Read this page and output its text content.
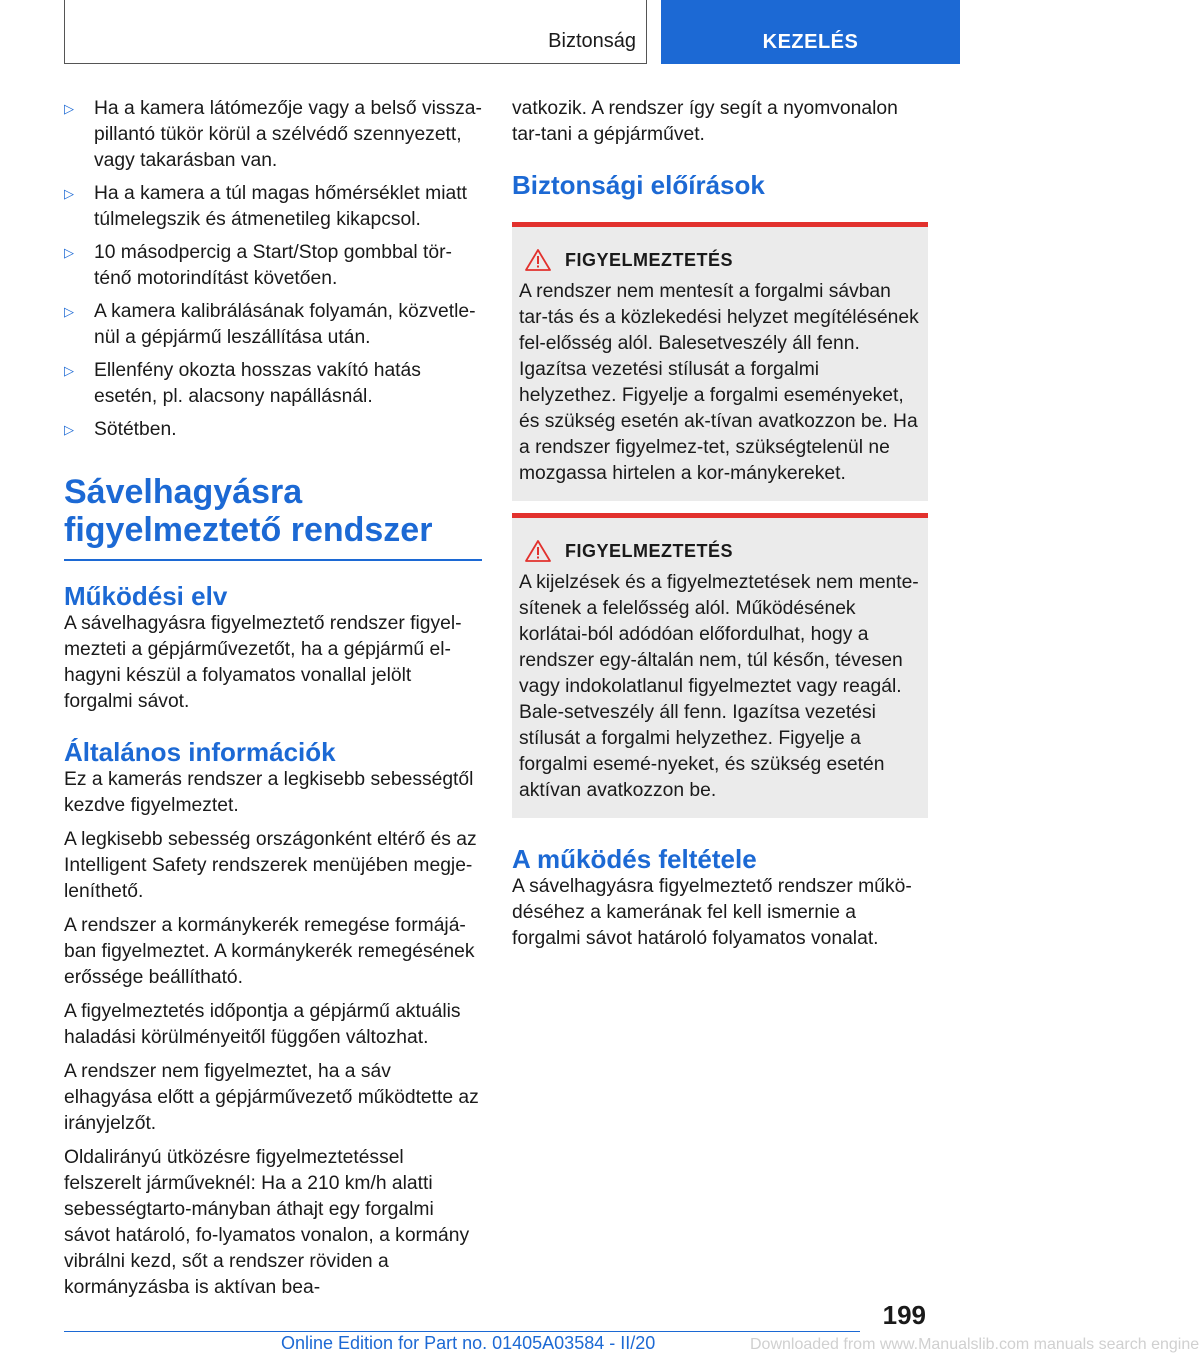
Biztonság	KEZELÉS
▷ Ha a kamera látómezője vagy a belső vissza-pillantó tükör körül a szélvédő szennyezett, vagy takarásban van.
▷ Ha a kamera a túl magas hőmérséklet miatt túlmelegszik és átmenetileg kikapcsol.
▷ 10 másodpercig a Start/Stop gombbal tör-ténő motorindítást követően.
▷ A kamera kalibrálásának folyamán, közvetle-nül a gépjármű leszállítása után.
▷ Ellenfény okozta hosszas vakító hatás esetén, pl. alacsony napállásnál.
▷ Sötétben.
Sávelhagyásra figyelmeztető rendszer
Működési elv

A sávelhagyásra figyelmeztető rendszer figyel-mezteti a gépjárművezetőt, ha a gépjármű el-hagyni készül a folyamatos vonallal jelölt forgalmi sávot.

Általános információk

Ez a kamerás rendszer a legkisebb sebességtől kezdve figyelmeztet.

A legkisebb sebesség országonként eltérő és az Intelligent Safety rendszerek menüjében megje-leníthető.

A rendszer a kormánykerék remegése formájá-ban figyelmeztet. A kormánykerék remegésének erőssége beállítható.

A figyelmeztetés időpontja a gépjármű aktuális haladási körülményeitől függően változhat.

A rendszer nem figyelmeztet, ha a sáv elhagyása előtt a gépjárművezető működtette az irányjelzőt.

Oldalirányú ütközésre figyelmeztetéssel felszerelt járműveknél: Ha a 210 km/h alatti sebességtarto-mányban áthajt egy forgalmi sávot határoló, fo-lyamatos vonalon, a kormány vibrálni kezd, sőt a rendszer röviden a kormányzásba is aktívan bea-

vatkozik. A rendszer így segít a nyomvonalon tar-tani a gépjárművet.

Biztonsági előírások
FIGYELMEZTETÉS

A rendszer nem mentesít a forgalmi sávban tar-tás és a közlekedési helyzet megítélésének fel-elősség alól. Balesetveszély áll fenn. Igazítsa vezetési stílusát a forgalmi helyzethez. Figyelje a forgalmi eseményeket, és szükség esetén ak-tívan avatkozzon be. Ha a rendszer figyelmez-tet, szükségtelenül ne mozgassa hirtelen a kor-mánykereket.

FIGYELMEZTETÉS

A kijelzések és a figyelmeztetések nem mente-sítenek a felelősség alól. Működésének korlátai-ból adódóan előfordulhat, hogy a rendszer egy-általán nem, túl későn, tévesen vagy indokolatlanul figyelmeztet vagy reagál. Bale-setveszély áll fenn. Igazítsa vezetési stílusát a forgalmi helyzethez. Figyelje a forgalmi esemé-nyeket, és szükség esetén aktívan avatkozzon be.

A működés feltétele

A sávelhagyásra figyelmeztető rendszer műkö-déséhez a kamerának fel kell ismernie a forgalmi sávot határoló folyamatos vonalat.

199
Online Edition for Part no. 01405A03584 - II/20	Downloaded from www.Manualslib.com manuals search engine
